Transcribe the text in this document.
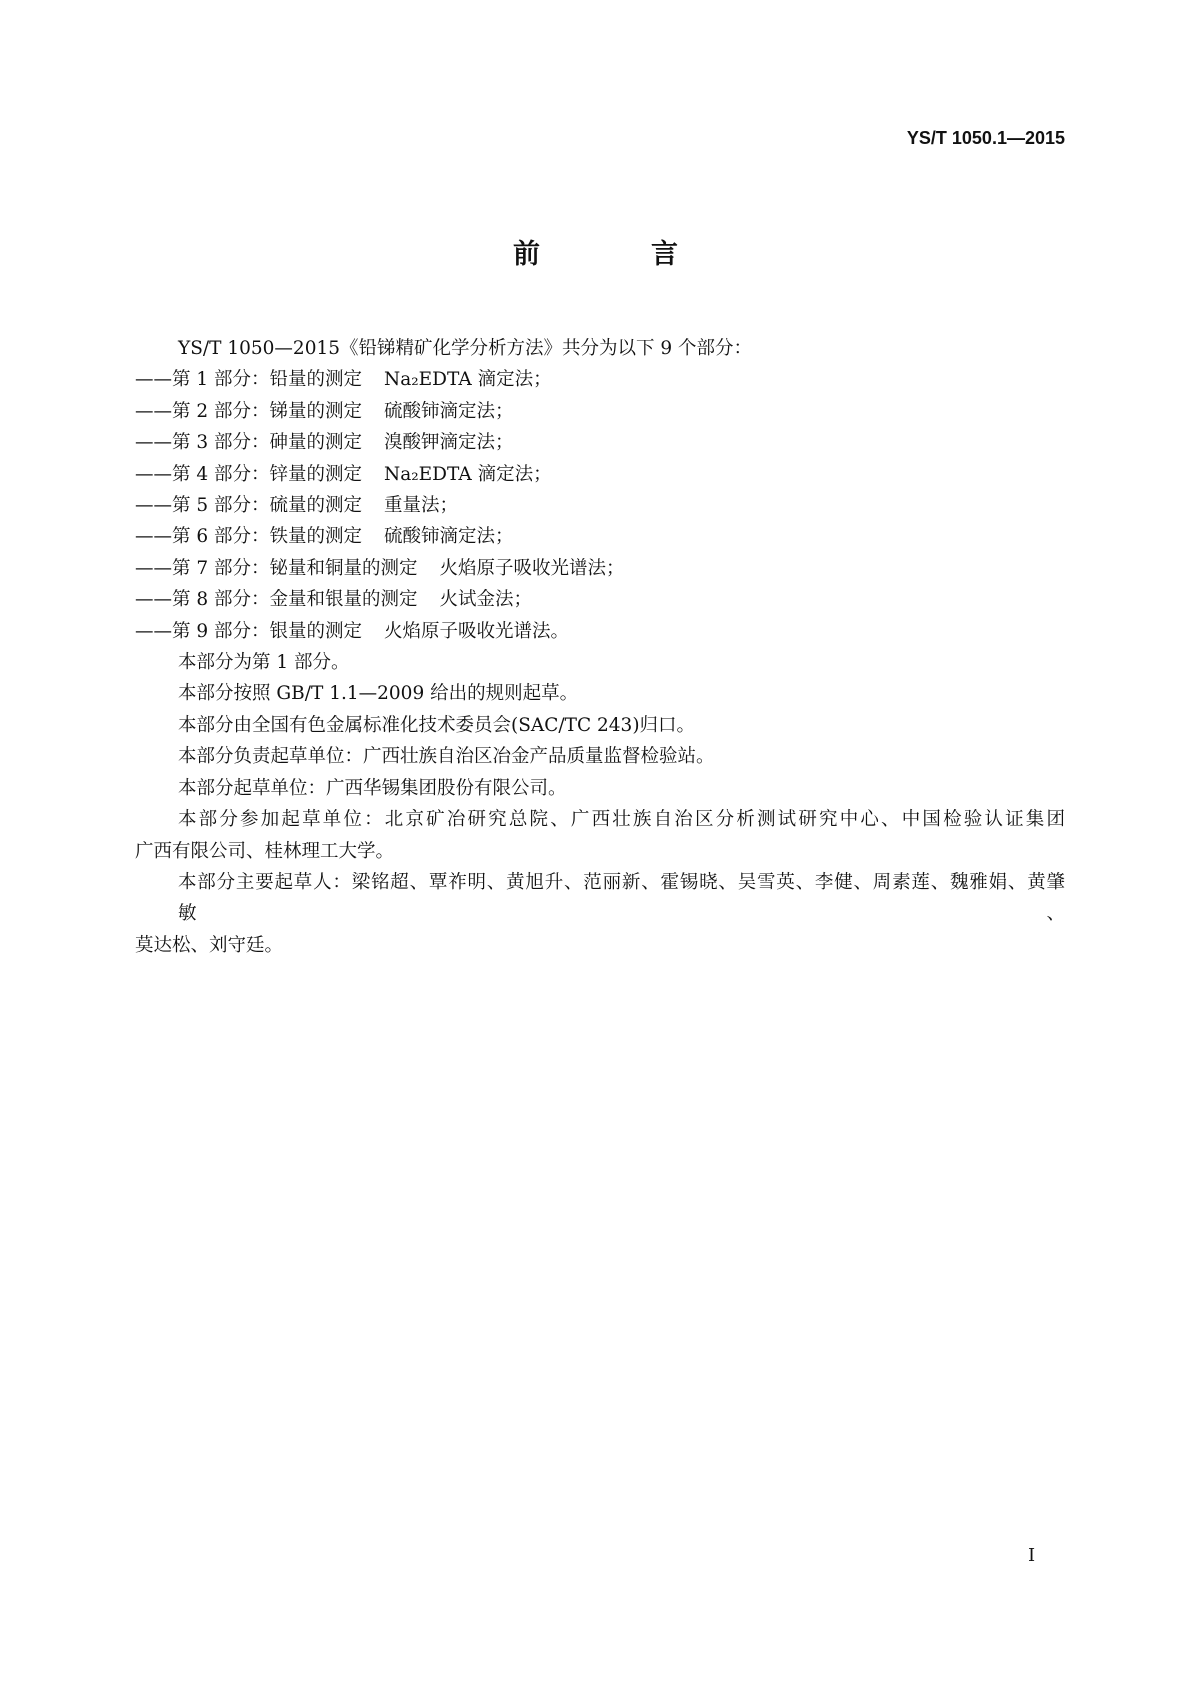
YS/T 1050.1—2015
前　言
YS/T 1050—2015《铅锑精矿化学分析方法》共分为以下 9 个部分：
——第 1 部分：铅量的测定 Na₂EDTA 滴定法；
——第 2 部分：锑量的测定 硫酸铈滴定法；
——第 3 部分：砷量的测定 溴酸钾滴定法；
——第 4 部分：锌量的测定 Na₂EDTA 滴定法；
——第 5 部分：硫量的测定 重量法；
——第 6 部分：铁量的测定 硫酸铈滴定法；
——第 7 部分：铋量和铜量的测定 火焰原子吸收光谱法；
——第 8 部分：金量和银量的测定 火试金法；
——第 9 部分：银量的测定 火焰原子吸收光谱法。
本部分为第 1 部分。
本部分按照 GB/T 1.1—2009 给出的规则起草。
本部分由全国有色金属标准化技术委员会(SAC/TC 243)归口。
本部分负责起草单位：广西壮族自治区冶金产品质量监督检验站。
本部分起草单位：广西华锡集团股份有限公司。
本部分参加起草单位：北京矿冶研究总院、广西壮族自治区分析测试研究中心、中国检验认证集团
广西有限公司、桂林理工大学。
本部分主要起草人：梁铭超、覃祚明、黄旭升、范丽新、霍锡晓、吴雪英、李健、周素莲、魏雅娟、黄肇敏、
莫达松、刘守廷。
I
